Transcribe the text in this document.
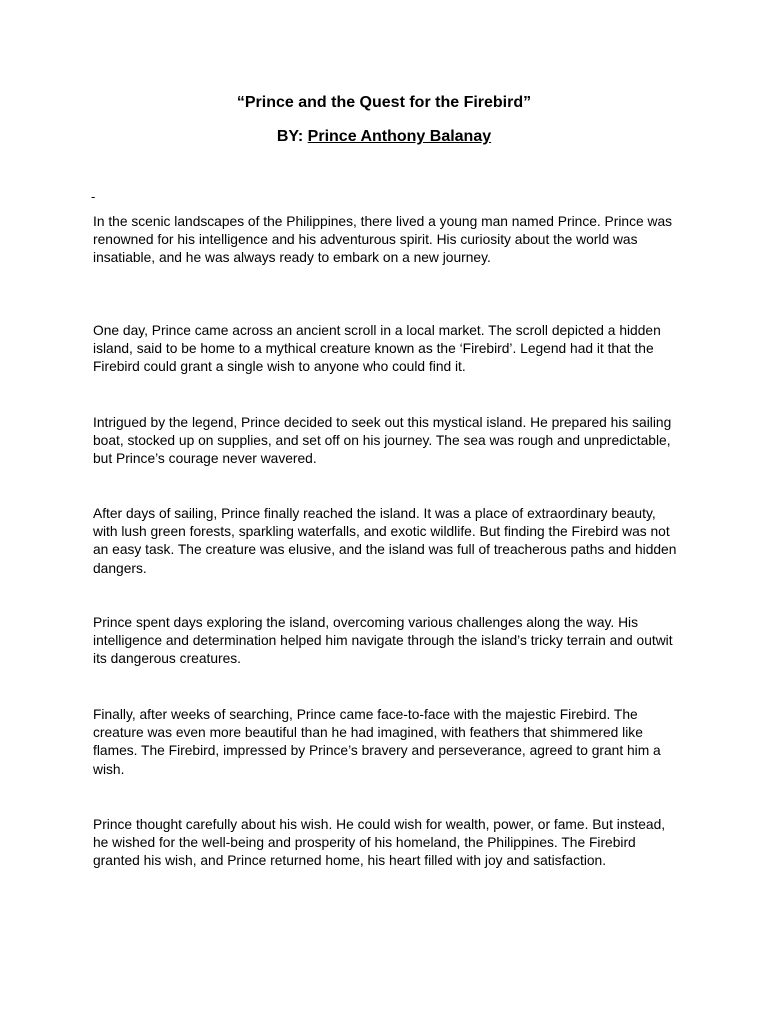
“Prince and the Quest for the Firebird”

BY: Prince Anthony Balanay

-

In the scenic landscapes of the Philippines, there lived a young man named Prince. Prince was renowned for his intelligence and his adventurous spirit. His curiosity about the world was insatiable, and he was always ready to embark on a new journey.

One day, Prince came across an ancient scroll in a local market. The scroll depicted a hidden island, said to be home to a mythical creature known as the ‘Firebird’. Legend had it that the Firebird could grant a single wish to anyone who could find it.

Intrigued by the legend, Prince decided to seek out this mystical island. He prepared his sailing boat, stocked up on supplies, and set off on his journey. The sea was rough and unpredictable, but Prince’s courage never wavered.

After days of sailing, Prince finally reached the island. It was a place of extraordinary beauty, with lush green forests, sparkling waterfalls, and exotic wildlife. But finding the Firebird was not an easy task. The creature was elusive, and the island was full of treacherous paths and hidden dangers.

Prince spent days exploring the island, overcoming various challenges along the way. His intelligence and determination helped him navigate through the island’s tricky terrain and outwit its dangerous creatures.

Finally, after weeks of searching, Prince came face-to-face with the majestic Firebird. The creature was even more beautiful than he had imagined, with feathers that shimmered like flames. The Firebird, impressed by Prince’s bravery and perseverance, agreed to grant him a wish.

Prince thought carefully about his wish. He could wish for wealth, power, or fame. But instead, he wished for the well-being and prosperity of his homeland, the Philippines. The Firebird granted his wish, and Prince returned home, his heart filled with joy and satisfaction.
